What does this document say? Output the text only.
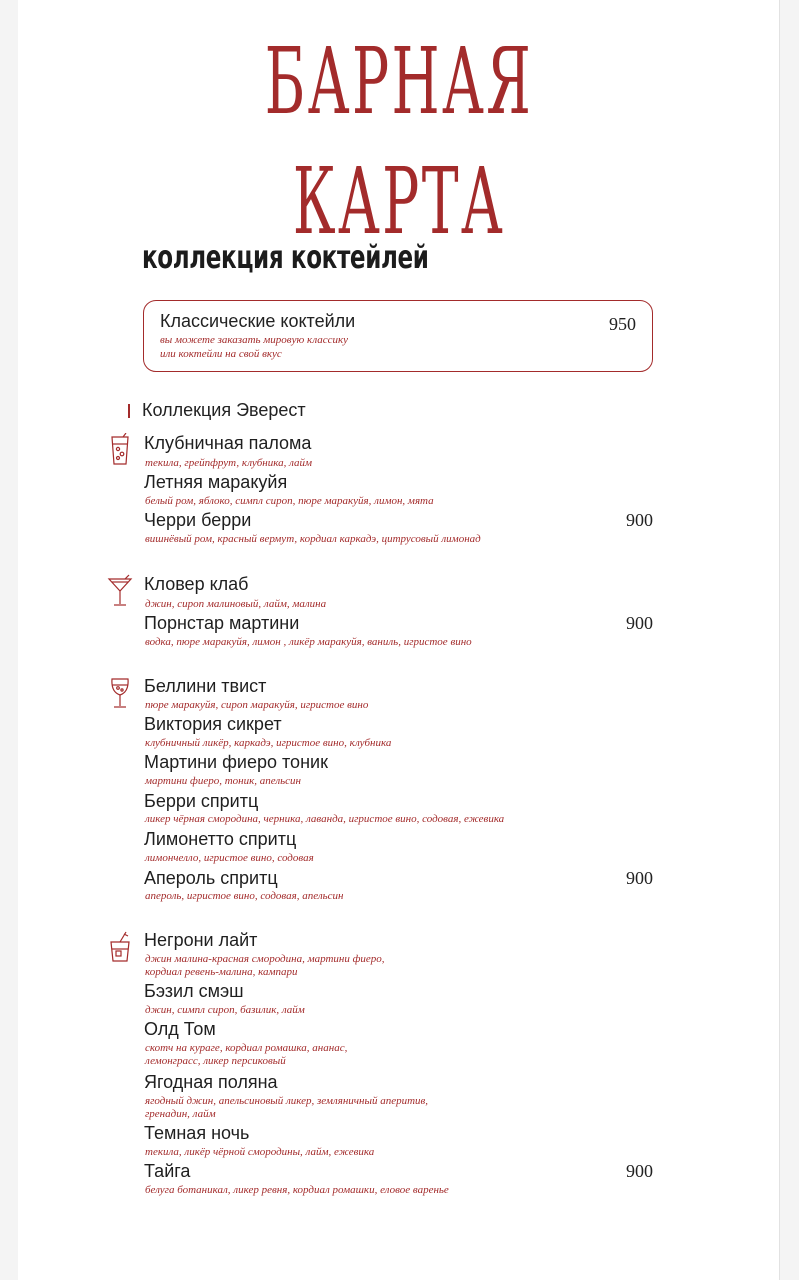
БАРНАЯ КАРТА
коллекция коктейлей
Классические коктейли	950
вы можете заказать мировую классику
или коктейли на свой вкус
Коллекция Эверест
Клубничная палома
текила, грейпфрут, клубника, лайм
Летняя маракуйя
белый ром, яблоко, симпл сироп, пюре маракуйя, лимон, мята
Черри берри
вишнёвый ром, красный вермут, кордиал каркадэ, цитрусовый лимонад
900
Кловер клаб
джин, сироп малиновый, лайм, малина
Порнстар мартини
водка, пюре маракуйя, лимон , ликёр маракуйя, ваниль, игристое вино
900
Беллини твист
пюре маракуйя, сироп маракуйя, игристое вино
Виктория сикрет
клубничный ликёр, каркадэ, игристое вино, клубника
Мартини фиеро тоник
мартини фиеро, тоник, апельсин
Берри спритц
ликер чёрная смородина, черника, лаванда, игристое вино, содовая, ежевика
Лимонетто спритц
лимончелло, игристое вино, содовая
Апероль спритц
апероль, игристое вино, содовая, апельсин
900
Негрони лайт
джин малина-красная смородина, мартини фиеро,
кордиал ревень-малина, кампари
Бэзил смэш
джин, симпл сироп, базилик, лайм
Олд Том
скотч на кураге, кордиал ромашка, ананас,
лемонграсс, ликер персиковый
Ягодная поляна
ягодный джин, апельсиновый ликер, земляничный аперитив,
гренадин, лайм
Темная ночь
текила, ликёр чёрной смородины, лайм, ежевика
Тайга
белуга ботаникал, ликер ревня, кордиал ромашки, еловое варенье
900
